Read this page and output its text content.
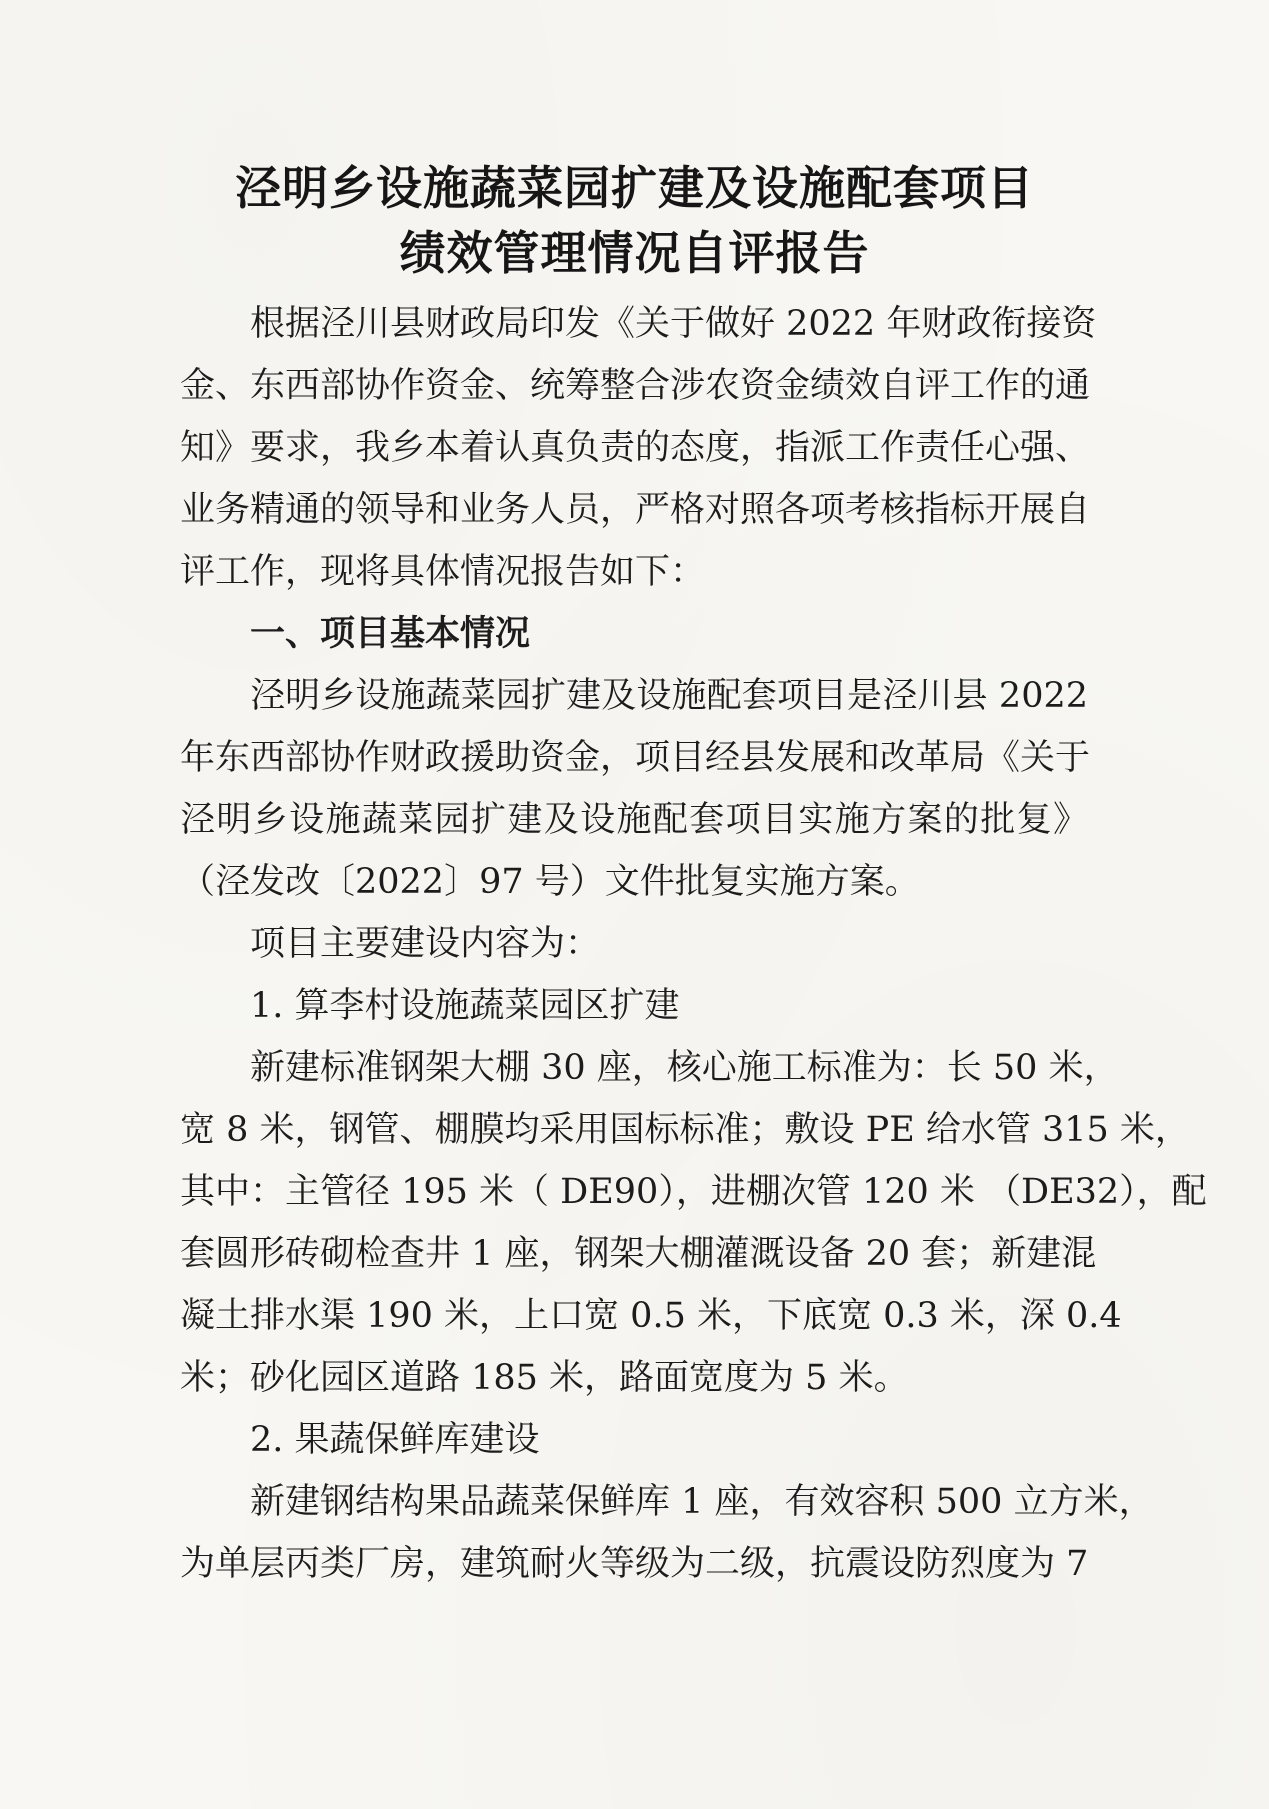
泾明乡设施蔬菜园扩建及设施配套项目
绩效管理情况自评报告
根据泾川县财政局印发《关于做好 2022 年财政衔接资
金、东西部协作资金、统筹整合涉农资金绩效自评工作的通
知》要求，我乡本着认真负责的态度，指派工作责任心强、
业务精通的领导和业务人员，严格对照各项考核指标开展自
评工作，现将具体情况报告如下：
一、项目基本情况
泾明乡设施蔬菜园扩建及设施配套项目是泾川县 2022
年东西部协作财政援助资金，项目经县发展和改革局《关于
泾明乡设施蔬菜园扩建及设施配套项目实施方案的批复》
（泾发改〔2022〕97 号）文件批复实施方案。
项目主要建设内容为：
1. 算李村设施蔬菜园区扩建
新建标准钢架大棚 30 座，核心施工标准为：长 50 米，
宽 8 米，钢管、棚膜均采用国标标准；敷设 PE 给水管 315 米，
其中：主管径 195 米（ DE90），进棚次管 120 米 （DE32），配
套圆形砖砌检查井 1 座，钢架大棚灌溉设备 20 套；新建混
凝土排水渠 190 米，上口宽 0.5 米，下底宽 0.3 米，深 0.4
米；砂化园区道路 185 米，路面宽度为 5 米。
2. 果蔬保鲜库建设
新建钢结构果品蔬菜保鲜库 1 座，有效容积 500 立方米，
为单层丙类厂房，建筑耐火等级为二级，抗震设防烈度为 7
